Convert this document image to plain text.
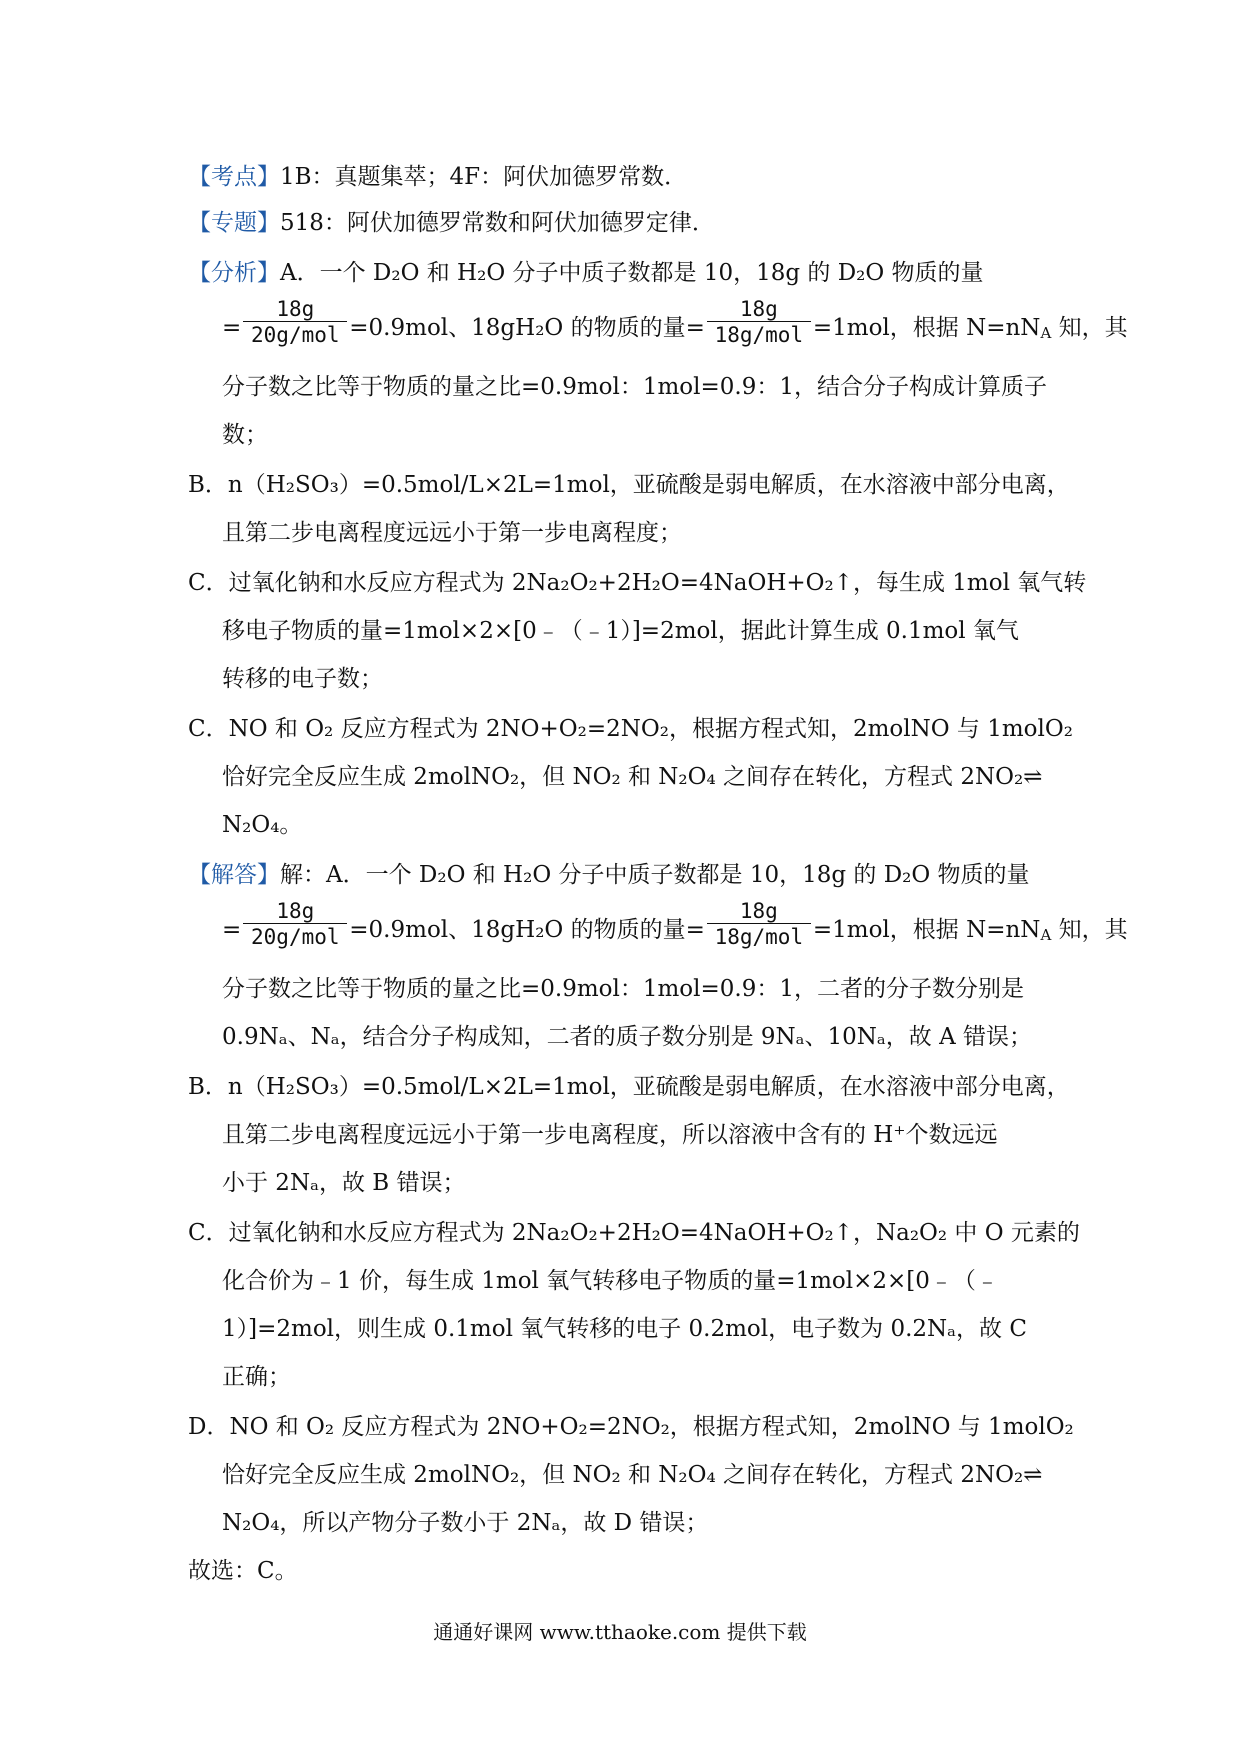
【考点】1B：真题集萃；4F：阿伏加德罗常数．
【专题】518：阿伏加德罗常数和阿伏加德罗定律．
【分析】A．一个 D₂O 和 H₂O 分子中质子数都是 10，18g 的 D₂O 物质的量
= $\frac{18g}{\text{20g/mol}} =0.9mol$、18gH₂O 的物质的量= $\frac{18g}{\text{18g/mol}} =1mol$，根据 $N=nN_A$ 知，其
分子数之比等于物质的量之比=0.9mol：1mol=0.9：1，结合分子构成计算质子
数；
B．n（H₂SO₃）=0.5mol/L×2L=1mol，亚硫酸是弱电解质，在水溶液中部分电离，
且第二步电离程度远远小于第一步电离程度；
C．过氧化钠和水反应方程式为 2Na₂O₂+2H₂O=4NaOH+O₂↑，每生成 1mol 氧气转
移电子物质的量=1mol×2×[0﹣（﹣1）]=2mol，据此计算生成 0.1mol 氧气
转移的电子数；
C．NO 和 O₂ 反应方程式为 2NO+O₂=2NO₂，根据方程式知，2molNO 与 1molO₂
恰好完全反应生成 2molNO₂，但 NO₂ 和 N₂O₄ 之间存在转化，方程式 2NO₂⇌
N₂O₄。
【解答】解：A．一个 D₂O 和 H₂O 分子中质子数都是 10，18g 的 D₂O 物质的量
= $\frac{18g}{\text{20g/mol}} =0.9mol$、18gH₂O 的物质的量= $\frac{18g}{\text{18g/mol}} =1mol$，根据 $N=nN_A$ 知，其
分子数之比等于物质的量之比=0.9mol：1mol=0.9：1，二者的分子数分别是
0.9Nₐ、Nₐ，结合分子构成知，二者的质子数分别是 9Nₐ、10Nₐ，故 A 错误；
B．n（H₂SO₃）=0.5mol/L×2L=1mol，亚硫酸是弱电解质，在水溶液中部分电离，
且第二步电离程度远远小于第一步电离程度，所以溶液中含有的 H⁺个数远远
小于 2Nₐ，故 B 错误；
C．过氧化钠和水反应方程式为 2Na₂O₂+2H₂O=4NaOH+O₂↑，Na₂O₂ 中 O 元素的
化合价为﹣1 价，每生成 1mol 氧气转移电子物质的量=1mol×2×[0﹣（﹣
1）]=2mol，则生成 0.1mol 氧气转移的电子 0.2mol，电子数为 0.2Nₐ，故 C
正确；
D．NO 和 O₂ 反应方程式为 2NO+O₂=2NO₂，根据方程式知，2molNO 与 1molO₂
恰好完全反应生成 2molNO₂，但 NO₂ 和 N₂O₄ 之间存在转化，方程式 2NO₂⇌
N₂O₄，所以产物分子数小于 2Nₐ，故 D 错误；
故选：C。
通通好课网 www.tthaoke.com 提供下载
